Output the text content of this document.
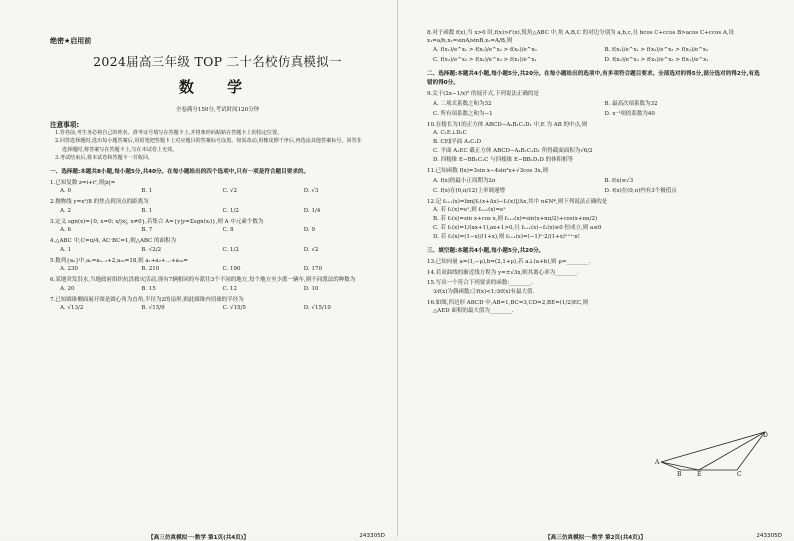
绝密★启用前
2024届高三年级 TOP 二十名校仿真模拟一
数 学
全卷满分150分,考试时间120分钟
注意事项:
1.答卷前,考生务必将自己的姓名、准考证号填写在答题卡上,并将条形码粘贴在答题卡上的指定位置。
2.回答选择题时,选出每小题答案后,用铅笔把答题卡上对应题目的答案标号涂黑。如需改动,用橡皮擦干净后,再选涂其他答案标号。回答非选择题时,将答案写在答题卡上,写在本试卷上无效。
3.考试结束后,将本试卷和答题卡一并收回。
一、选择题:本题共8小题,每小题5分,共40分。在每小题给出的四个选项中,只有一项是符合题目要求的。
1.已知复数 z=i+i²,则|z|=
A. 0	B. 1	C. √2	D. √3
2.抛物线 y=x²/8 的焦点到顶点的距离为
A. 2	B. 1	C. 1/2	D. 1/4
3.定义 sgn(x)={0, x=0; x/|x|, x≠0},若集合 A={y|y=Σsgn(xᵢ)},则 A 中元素个数为
A. 6	B. 7	C. 8	D. 9
4.△ABC 中,C=π/4, AC·BC=1,则△ABC 的面积为
A. 1	B. √2/2	C. 1/2	D. √2
5.数列{aₙ}中,aₙ=aₙ₋₁+2,a₁₀=18,则 a₁+a₂+…+a₁₀=
A. 230	B. 210	C. 190	D. 170
6.某地突发洪水,当地政府组织抗洪救灾活动,现有7辆相同的车派往3个不同的地方,每个地方至少派一辆车,则不同派法的种数为
A. 20	B. 15	C. 12	D. 10
7.已知圆锥侧面展开图是圆心角为直角,半径为2的扇形,则此圆锥内切球的半径为
A. √13/2	B. √15/9	C. √15/5	D. √15/10
【高三仿真模拟一·数学 第1页(共4页)】	243305D
8.对于函数 f(x),当 x>0 时,f(x)>f'(x),锐角△ABC 中,角 A,B,C 的对边分别为 a,b,c,且 bcos C+ccos B>acos C+ccos A,设 x₁=a/b,x₂=sinA/sinB,x₃=A/B,则
A. f(x₁)/e^x₁ > f(x₂)/e^x₂ > f(x₃)/e^x₃	B. f(x₁)/e^x₁ > f(x₃)/e^x₃ > f(x₂)/e^x₂
C. f(x₃)/e^x₃ > f(x₂)/e^x₂ > f(x₁)/e^x₁	D. f(x₂)/e^x₂ > f(x₃)/e^x₃ > f(x₁)/e^x₁
二、选择题:本题共4小题,每小题5分,共20分。在每小题给出的选项中,有多项符合题目要求。全部选对的得5分,部分选对的得2分,有选错的得0分。
9.关于(2x−1/x)⁵ 的展开式,下列说法正确的是
A. 二项式系数之和为32	B. 最高次项系数为32
C. 所有项系数之和为−1	D. x⁻¹项的系数为40
10.在棱长为1的正方体 ABCD−A₁B₁C₁D₁ 中,E 为 AB 的中点,则
A. C₁E⊥D₁C
B. CE∥平面 A₁C₁D
C. 平面 A₁EC 截正方体 ABCD−A₁B₁C₁D₁ 所得截面面积为√6/2
D. 四棱锥 E−BB₁C₁C 与四棱锥 E−BB₁D₁D 的体积相等
11.已知函数 f(x)=3sin x−4sin³x+√3cos 3x,则
A. f(x)的最小正周期为2π	B. f(x)≤√3
C. f(x)在(0,π/12)上单调递增	D. f(x)在(0,π)内有3个极值点
12.记 fₙ₊₁(x)=lim[fₙ(x+Δx)−fₙ(x)]/Δx,其中 n∈N*,则下列说法正确的是
A. 若 f₁(x)=eˣ,则 fₙ₊₁(x)=eˣ
B. 若 f₁(x)=sin x+cos x,则 fₙ₊₁(x)=sin(x+nπ/2)+cos(x+nπ/2)
C. 若 f₁(x)=1/(ax+1),ax+1>0,且 fₙ₊₁(x)−f₁(x)≥0 恒成立,则 a≤0
D. 若 f₁(x)=(1−x)/(1+x),则 fₙ₊₁(x)=(−1)ⁿ·2/(1+x)ⁿ⁺¹·n!
三、填空题:本题共4小题,每小题5分,共20分。
13.已知向量 a=(1,−μ),b=(2,1+μ),若 a⊥(a+b),则 μ=________.
14.若双曲线的渐近线方程为 y=±√3x,则其离心率为________.
15.写出一个符合下列要求的函数:________.
①f(x)为偶函数;②f(x)<1;③f(x)有最大值.
16.如图,四边形 ABCD 中,AB=1,BC=3,CD=2,BE=(1/2)EC,则
△AED 面积的最大值为________.
A
B	E	C
D
【高三仿真模拟一·数学 第2页(共4页)】	243305D
